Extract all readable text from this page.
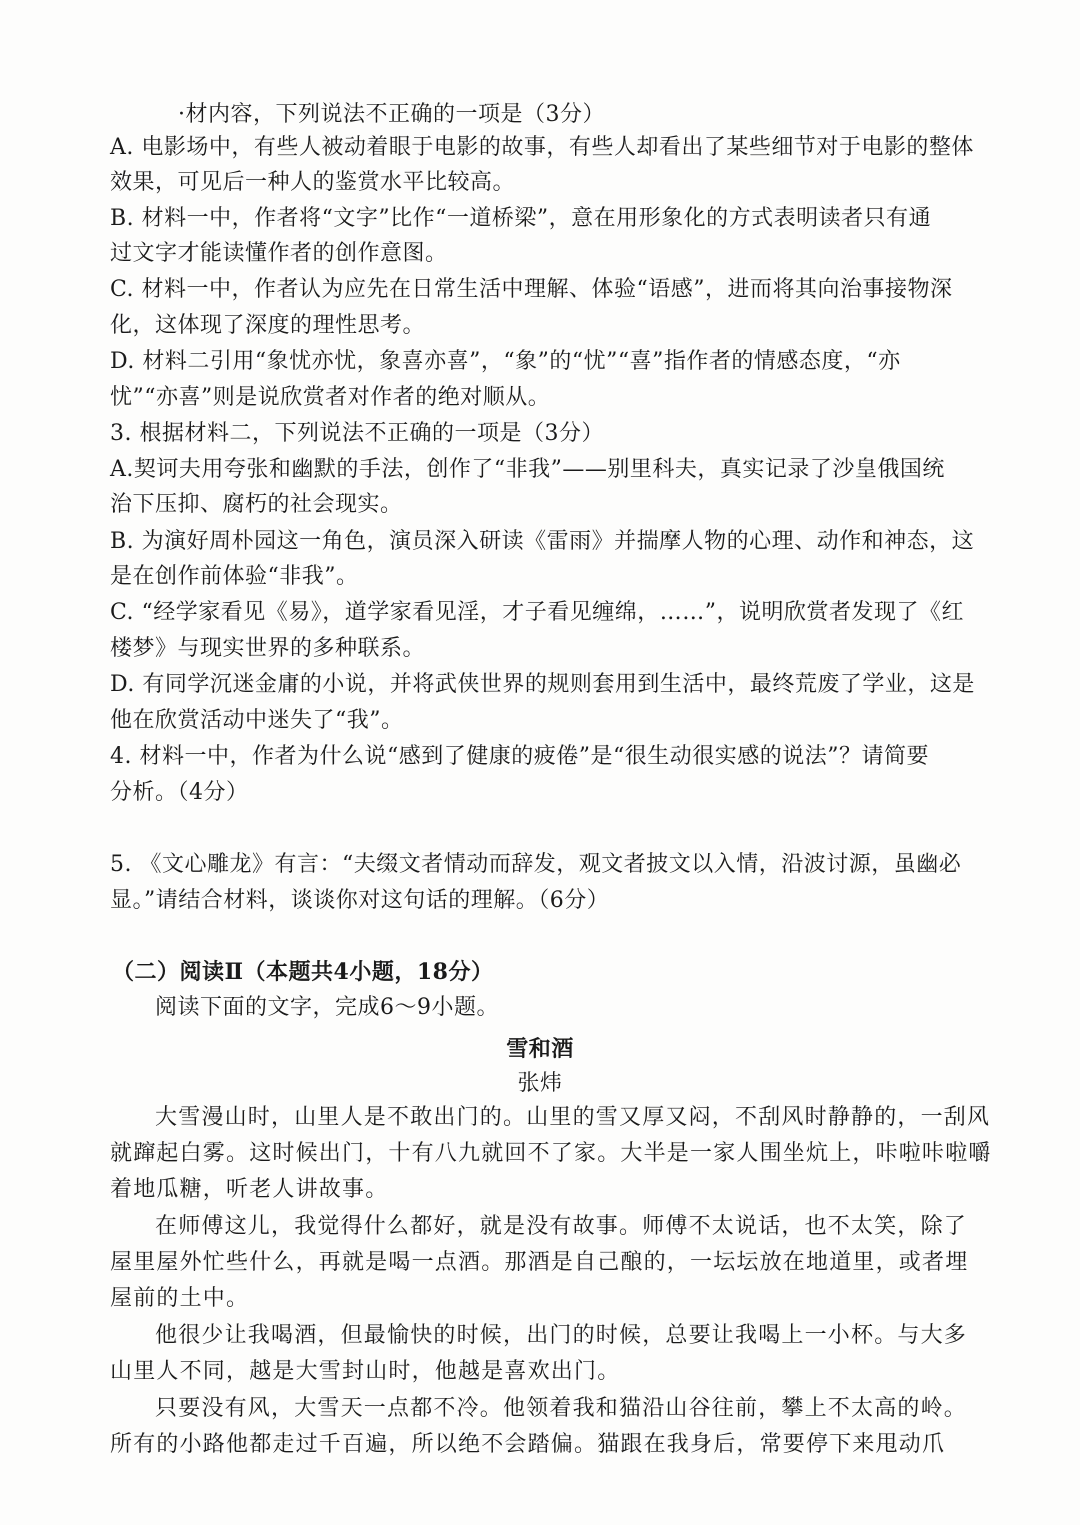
·材内容，下列说法不正确的一项是（3分）
A. 电影场中，有些人被动着眼于电影的故事，有些人却看出了某些细节对于电影的整体
效果，可见后一种人的鉴赏水平比较高。
B. 材料一中，作者将“文字”比作“一道桥梁”，意在用形象化的方式表明读者只有通
过文字才能读懂作者的创作意图。
C. 材料一中，作者认为应先在日常生活中理解、体验“语感”，进而将其向治事接物深
化，这体现了深度的理性思考。
D. 材料二引用“象忧亦忧，象喜亦喜”，“象”的“忧”“喜”指作者的情感态度，“亦
忧”“亦喜”则是说欣赏者对作者的绝对顺从。
3. 根据材料二，下列说法不正确的一项是（3分）
A.契诃夫用夸张和幽默的手法，创作了“非我”——别里科夫，真实记录了沙皇俄国统
治下压抑、腐朽的社会现实。
B. 为演好周朴园这一角色，演员深入研读《雷雨》并揣摩人物的心理、动作和神态，这
是在创作前体验“非我”。
C. “经学家看见《易》，道学家看见淫，才子看见缠绵，……”，说明欣赏者发现了《红
楼梦》与现实世界的多种联系。
D. 有同学沉迷金庸的小说，并将武侠世界的规则套用到生活中，最终荒废了学业，这是
他在欣赏活动中迷失了“我”。
4. 材料一中，作者为什么说“感到了健康的疲倦”是“很生动很实感的说法”？请简要
分析。（4分）
5. 《文心雕龙》有言：“夫缀文者情动而辞发，观文者披文以入情，沿波讨源，虽幽必
显。”请结合材料，谈谈你对这句话的理解。（6分）
（二）阅读Ⅱ（本题共4小题，18分）
阅读下面的文字，完成6～9小题。
雪和酒
张炜
大雪漫山时，山里人是不敢出门的。山里的雪又厚又闷，不刮风时静静的，一刮风
就蹿起白雾。这时候出门，十有八九就回不了家。大半是一家人围坐炕上，咔啦咔啦嚼
着地瓜糖，听老人讲故事。
在师傅这儿，我觉得什么都好，就是没有故事。师傅不太说话，也不太笑，除了
屋里屋外忙些什么，再就是喝一点酒。那酒是自己酿的，一坛坛放在地道里，或者埋
屋前的土中。
他很少让我喝酒，但最愉快的时候，出门的时候，总要让我喝上一小杯。与大多
山里人不同，越是大雪封山时，他越是喜欢出门。
只要没有风，大雪天一点都不冷。他领着我和猫沿山谷往前，攀上不太高的岭。
所有的小路他都走过千百遍，所以绝不会踏偏。猫跟在我身后，常要停下来甩动爪
